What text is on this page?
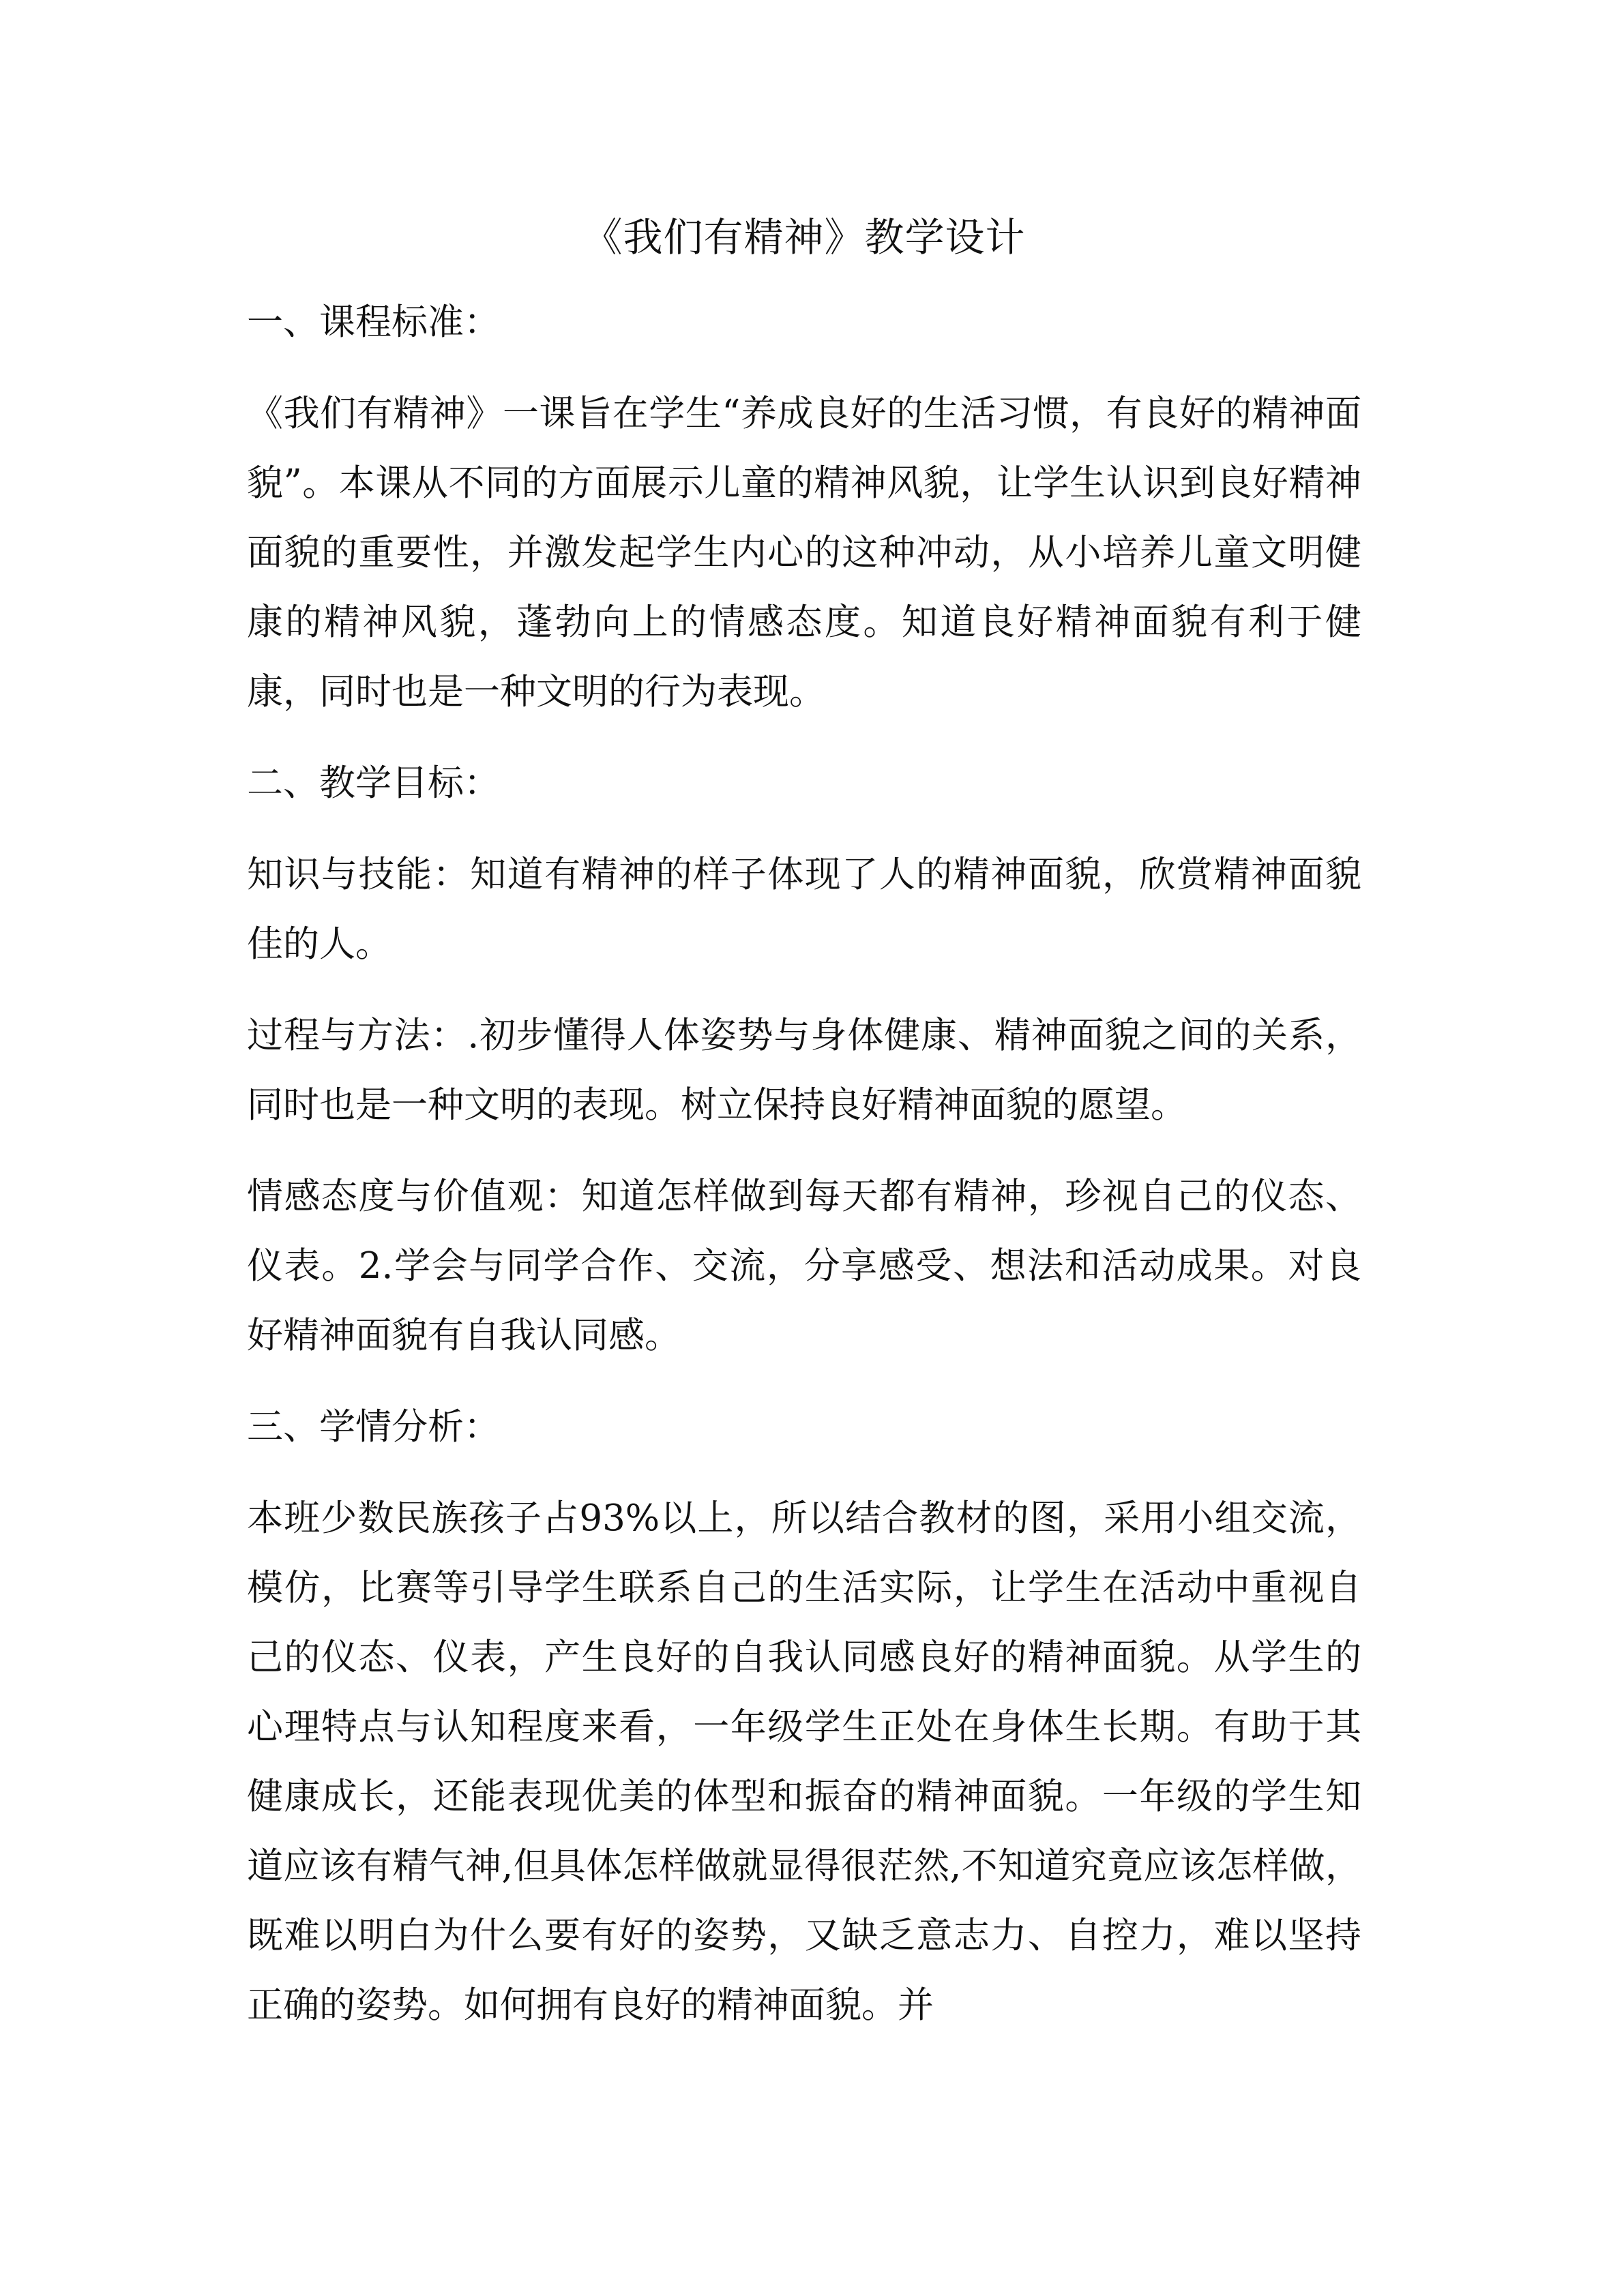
《我们有精神》教学设计
一、课程标准：

《我们有精神》一课旨在学生“养成良好的生活习惯，有良好的精神面貌”。本课从不同的方面展示儿童的精神风貌，让学生认识到良好精神面貌的重要性，并激发起学生内心的这种冲动，从小培养儿童文明健康的精神风貌，蓬勃向上的情感态度。知道良好精神面貌有利于健康，同时也是一种文明的行为表现。

二、教学目标：

知识与技能：知道有精神的样子体现了人的精神面貌，欣赏精神面貌佳的人。

过程与方法：.初步懂得人体姿势与身体健康、精神面貌之间的关系，同时也是一种文明的表现。树立保持良好精神面貌的愿望。

情感态度与价值观：知道怎样做到每天都有精神，珍视自己的仪态、仪表。2.学会与同学合作、交流，分享感受、想法和活动成果。对良好精神面貌有自我认同感。

三、学情分析：

本班少数民族孩子占93%以上，所以结合教材的图，采用小组交流，模仿，比赛等引导学生联系自己的生活实际，让学生在活动中重视自己的仪态、仪表，产生良好的自我认同感良好的精神面貌。从学生的心理特点与认知程度来看，一年级学生正处在身体生长期。有助于其健康成长，还能表现优美的体型和振奋的精神面貌。一年级的学生知道应该有精气神,但具体怎样做就显得很茫然,不知道究竟应该怎样做，既难以明白为什么要有好的姿势，又缺乏意志力、自控力，难以坚持正确的姿势。如何拥有良好的精神面貌。并
